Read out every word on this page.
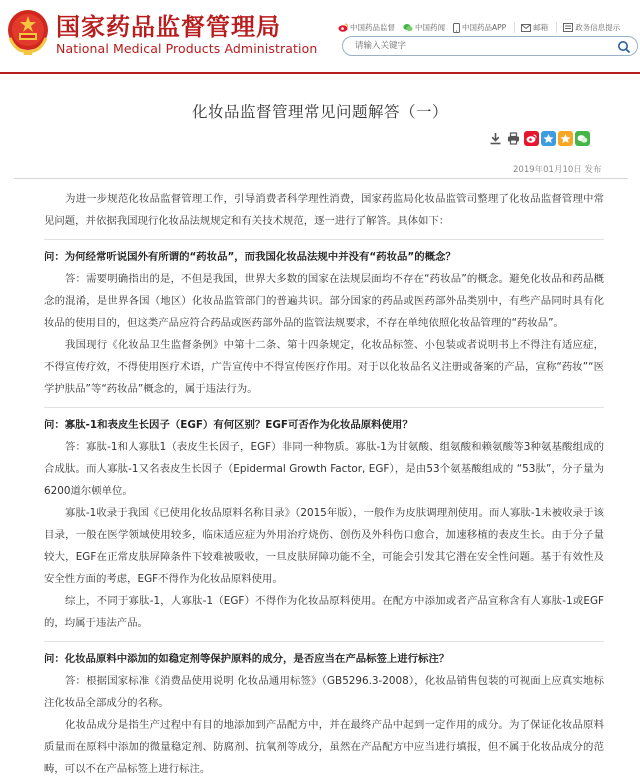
国家药品监督管理局
National Medical Products Administration
中国药品监督	中国药闻 中国药品APP	邮箱	政务信息提示
请输入关键字
化妆品监督管理常见问题解答（一）
2019年01月10日 发布

为进一步规范化妆品监督管理工作，引导消费者科学理性消费，国家药监局化妆品监管司整理了化妆品监督管理中常见问题，并依据我国现行化妆品法规规定和有关技术规范，逐一进行了解答。具体如下：

问：为何经常听说国外有所谓的“药妆品”，而我国化妆品法规中并没有“药妆品”的概念？

答：需要明确指出的是，不但是我国，世界大多数的国家在法规层面均不存在“药妆品”的概念。避免化妆品和药品概念的混淆，是世界各国（地区）化妆品监管部门的普遍共识。部分国家的药品或医药部外品类别中，有些产品同时具有化妆品的使用目的，但这类产品应符合药品或医药部外品的监管法规要求，不存在单纯依照化妆品管理的“药妆品”。

我国现行《化妆品卫生监督条例》中第十二条、第十四条规定，化妆品标签、小包装或者说明书上不得注有适应症，不得宣传疗效，不得使用医疗术语，广告宣传中不得宣传医疗作用。对于以化妆品名义注册或备案的产品，宣称“药妆”“医学护肤品”等“药妆品”概念的，属于违法行为。

问：寡肽-1和表皮生长因子（EGF）有何区别？EGF可否作为化妆品原料使用？

答：寡肽-1和人寡肽1（表皮生长因子，EGF）非同一种物质。寡肽-1为甘氨酸、组氨酸和赖氨酸等3种氨基酸组成的合成肽。而人寡肽-1又名表皮生长因子（Epidermal Growth Factor, EGF），是由53个氨基酸组成的 “53肽”，分子量为6200道尔顿单位。

寡肽-1收录于我国《已使用化妆品原料名称目录》（2015年版），一般作为皮肤调理剂使用。而人寡肽-1未被收录于该目录，一般在医学领域使用较多，临床适应症为外用治疗烧伤、创伤及外科伤口愈合，加速移植的表皮生长。由于分子量较大，EGF在正常皮肤屏障条件下较难被吸收，一旦皮肤屏障功能不全，可能会引发其它潜在安全性问题。基于有效性及安全性方面的考虑，EGF不得作为化妆品原料使用。

综上，不同于寡肽-1，人寡肽-1（EGF）不得作为化妆品原料使用。在配方中添加或者产品宣称含有人寡肽-1或EGF的，均属于违法产品。

问：化妆品原料中添加的如稳定剂等保护原料的成分，是否应当在产品标签上进行标注？

答：根据国家标准《消费品使用说明 化妆品通用标签》（GB5296.3-2008），化妆品销售包装的可视面上应真实地标注化妆品全部成分的名称。

化妆品成分是指生产过程中有目的地添加到产品配方中，并在最终产品中起到一定作用的成分。为了保证化妆品原料质量而在原料中添加的微量稳定剂、防腐剂、抗氧剂等成分，虽然在产品配方中应当进行填报，但不属于化妆品成分的范畴，可以不在产品标签上进行标注。
